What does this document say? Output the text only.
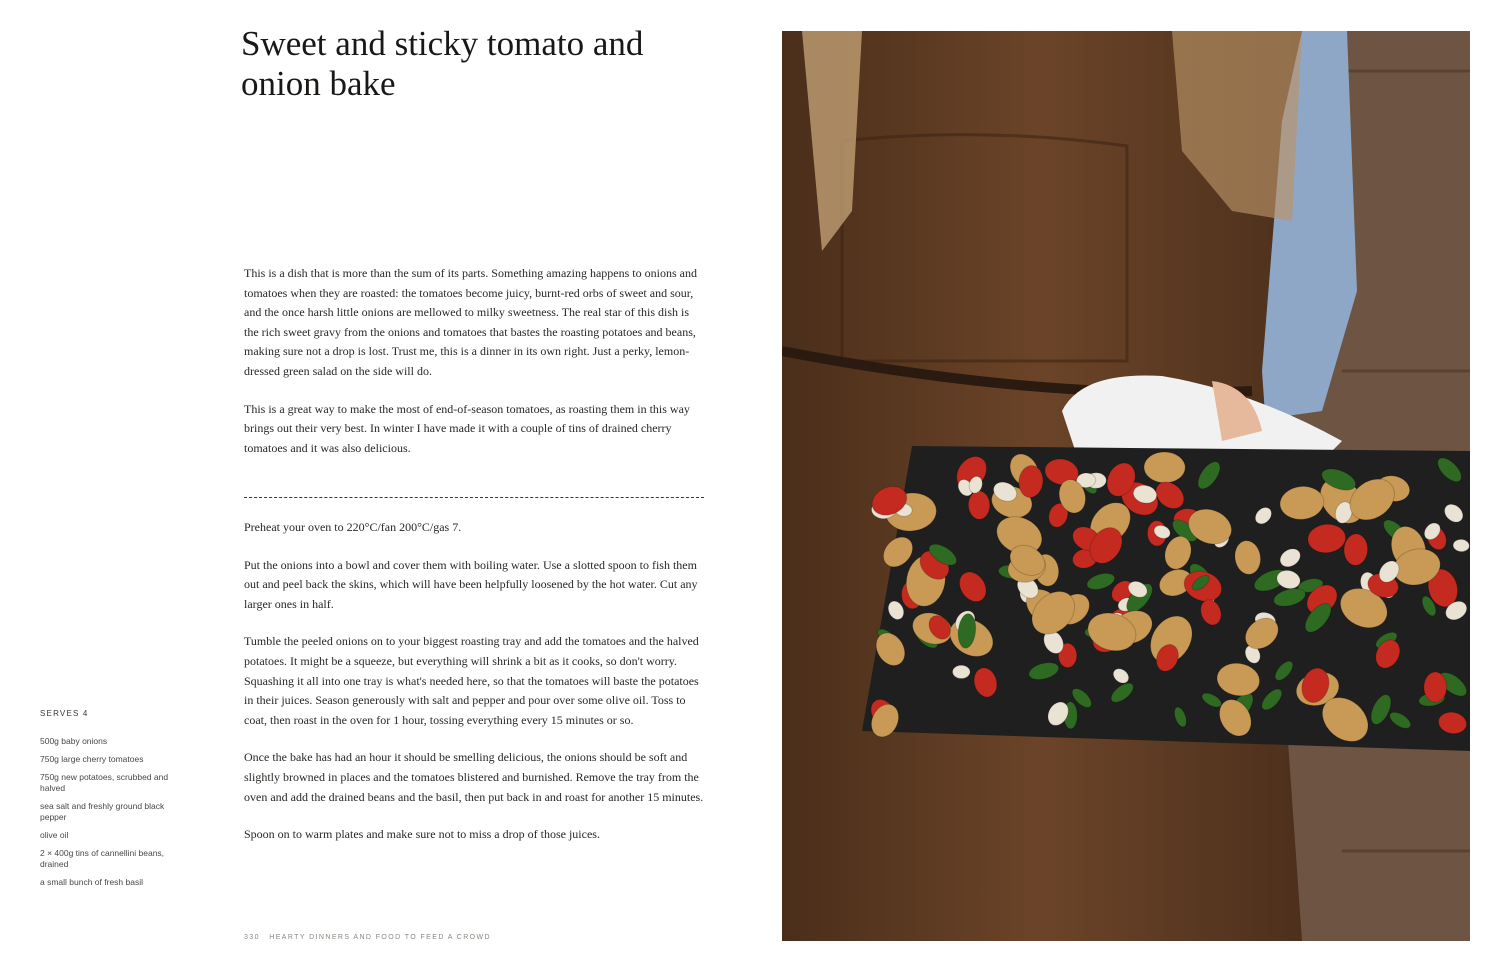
Sweet and sticky tomato and onion bake

This is a dish that is more than the sum of its parts. Something amazing happens to onions and tomatoes when they are roasted: the tomatoes become juicy, burnt-red orbs of sweet and sour, and the once harsh little onions are mellowed to milky sweetness. The real star of this dish is the rich sweet gravy from the onions and tomatoes that bastes the roasting potatoes and beans, making sure not a drop is lost. Trust me, this is a dinner in its own right. Just a perky, lemon-dressed green salad on the side will do.

This is a great way to make the most of end-of-season tomatoes, as roasting them in this way brings out their very best. In winter I have made it with a couple of tins of drained cherry tomatoes and it was also delicious.

Preheat your oven to 220°C/fan 200°C/gas 7.

Put the onions into a bowl and cover them with boiling water. Use a slotted spoon to fish them out and peel back the skins, which will have been helpfully loosened by the hot water. Cut any larger ones in half.

Tumble the peeled onions on to your biggest roasting tray and add the tomatoes and the halved potatoes. It might be a squeeze, but everything will shrink a bit as it cooks, so don't worry. Squashing it all into one tray is what's needed here, so that the tomatoes will baste the potatoes in their juices. Season generously with salt and pepper and pour over some olive oil. Toss to coat, then roast in the oven for 1 hour, tossing everything every 15 minutes or so.

Once the bake has had an hour it should be smelling delicious, the onions should be soft and slightly browned in places and the tomatoes blistered and burnished. Remove the tray from the oven and add the drained beans and the basil, then put back in and roast for another 15 minutes.

Spoon on to warm plates and make sure not to miss a drop of those juices.

SERVES 4
500g baby onions
750g large cherry tomatoes
750g new potatoes, scrubbed and halved
sea salt and freshly ground black pepper
olive oil
2 × 400g tins of cannellini beans, drained
a small bunch of fresh basil
330 HEARTY DINNERS AND FOOD TO FEED A CROWD
